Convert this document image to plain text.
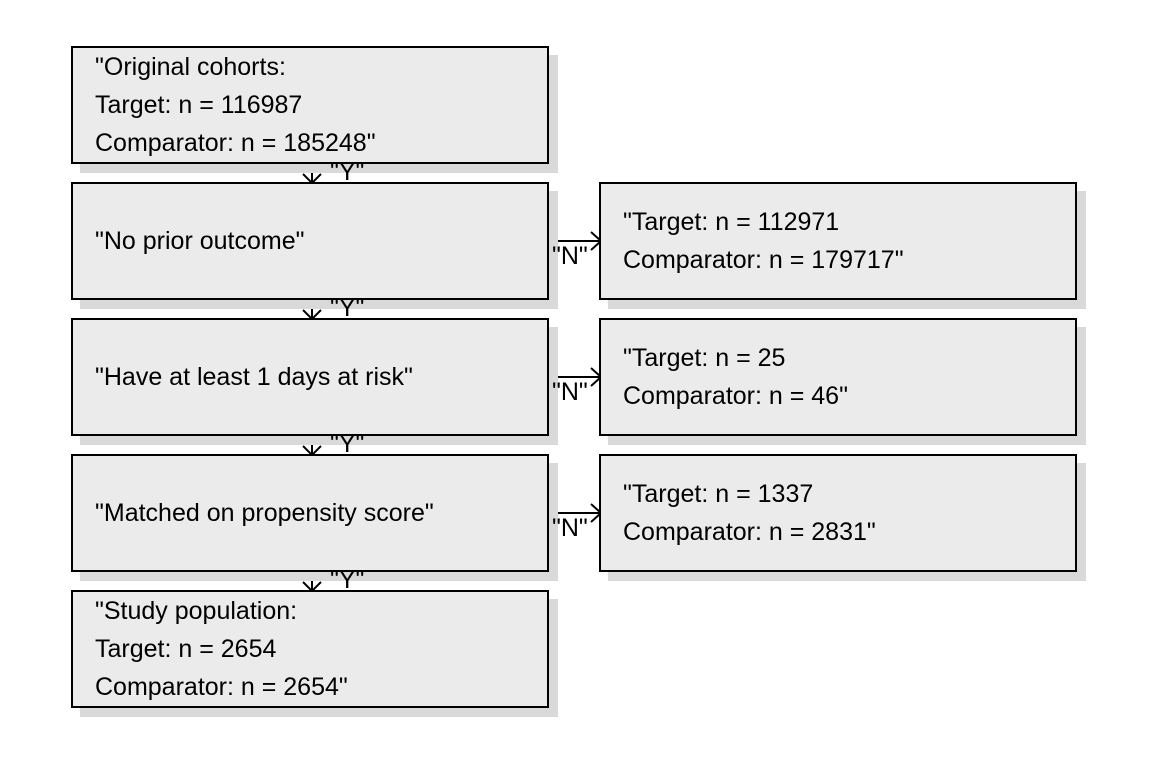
"Original cohorts:
Target: n = 116987
Comparator: n = 185248"
"No prior outcome"
"Have at least 1 days at risk"
"Matched on propensity score"
"Study population:
Target: n = 2654
Comparator: n = 2654"
"Target: n = 112971
Comparator: n = 179717"
"Target: n = 25
Comparator: n = 46"
"Target: n = 1337
Comparator: n = 2831"
"Y"
"Y"
"Y"
"Y"
"N"
"N"
"N"
